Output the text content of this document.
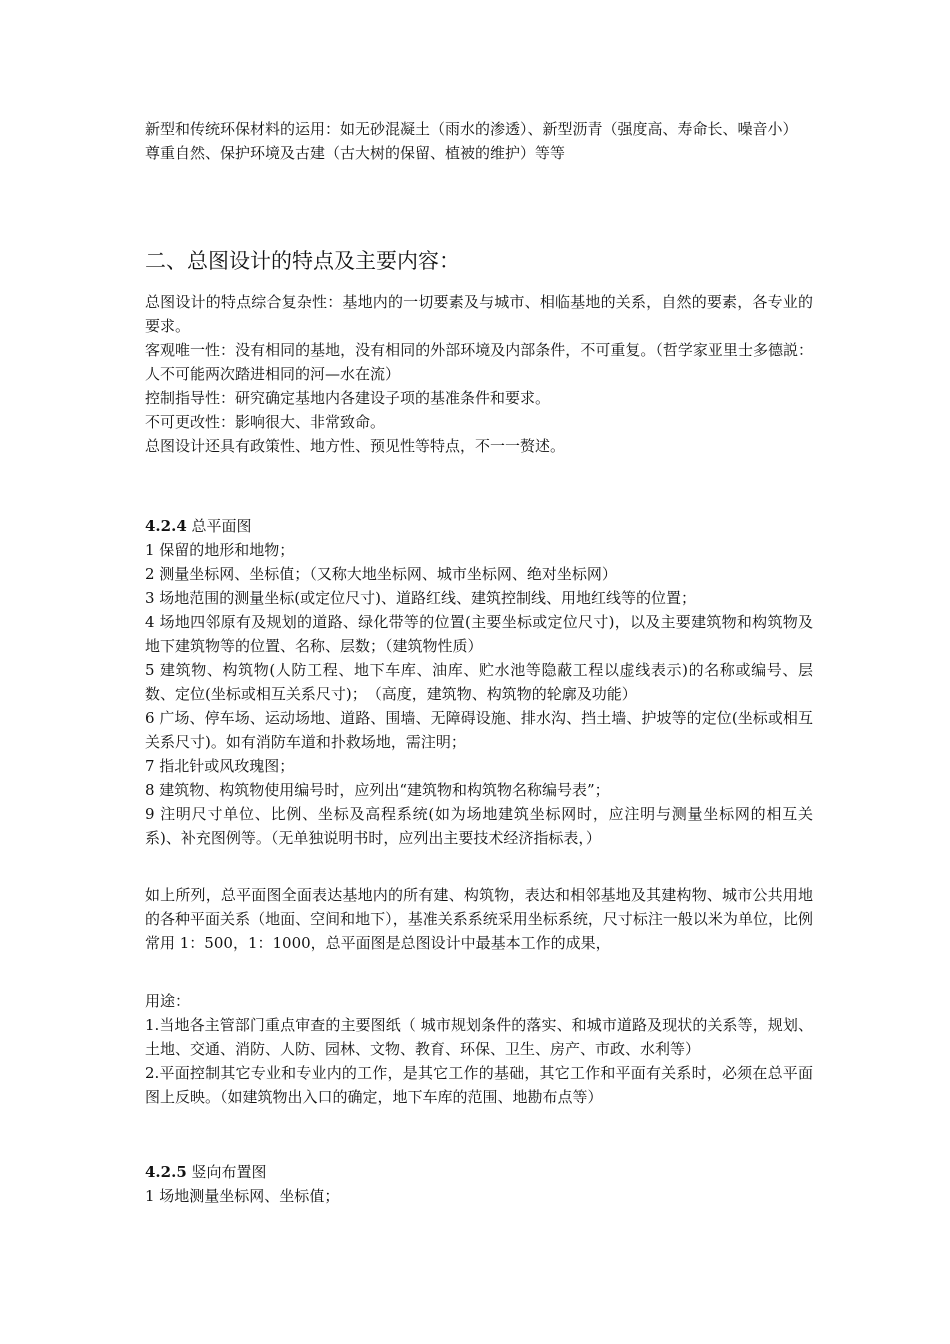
新型和传统环保材料的运用：如无砂混凝土（雨水的渗透）、新型沥青（强度高、寿命长、噪音小）

尊重自然、保护环境及古建（古大树的保留、植被的维护）等等

二、总图设计的特点及主要内容：

总图设计的特点综合复杂性：基地内的一切要素及与城市、相临基地的关系，自然的要素，各专业的要求。

客观唯一性：没有相同的基地，没有相同的外部环境及内部条件，不可重复。（哲学家亚里士多德説：人不可能两次踏进相同的河—水在流）

控制指导性：研究确定基地内各建设子项的基准条件和要求。

不可更改性：影响很大、非常致命。

总图设计还具有政策性、地方性、预见性等特点，不一一赘述。

4.2.4 总平面图

1 保留的地形和地物；

2 测量坐标网、坐标值；（又称大地坐标网、城市坐标网、绝对坐标网）

3 场地范围的测量坐标(或定位尺寸)、道路红线、建筑控制线、用地红线等的位置；

4 场地四邻原有及规划的道路、绿化带等的位置(主要坐标或定位尺寸)，以及主要建筑物和构筑物及地下建筑物等的位置、名称、层数；（建筑物性质）

5 建筑物、构筑物(人防工程、地下车库、油库、贮水池等隐蔽工程以虚线表示)的名称或编号、层数、定位(坐标或相互关系尺寸)；　（高度，建筑物、构筑物的轮廓及功能）

6 广场、停车场、运动场地、道路、围墙、无障碍设施、排水沟、挡土墙、护坡等的定位(坐标或相互关系尺寸)。如有消防车道和扑救场地，需注明；

7 指北针或风玫瑰图；

8 建筑物、构筑物使用编号时，应列出“建筑物和构筑物名称编号表”；

9 注明尺寸单位、比例、坐标及高程系统(如为场地建筑坐标网时，应注明与测量坐标网的相互关系)、补充图例等。（无单独说明书时，应列出主要技术经济指标表，）

如上所列，总平面图全面表达基地内的所有建、构筑物，表达和相邻基地及其建构物、城市公共用地的各种平面关系（地面、空间和地下），基准关系系统采用坐标系统，尺寸标注一般以米为单位，比例常用 1：500，1：1000，总平面图是总图设计中最基本工作的成果，

用途：

1.当地各主管部门重点审查的主要图纸（ 城市规划条件的落实、和城市道路及现状的关系等，规划、土地、交通、消防、人防、园林、文物、教育、环保、卫生、房产、市政、水利等）

2.平面控制其它专业和专业内的工作，是其它工作的基础，其它工作和平面有关系时，必须在总平面图上反映。（如建筑物出入口的确定，地下车库的范围、地勘布点等）

4.2.5 竖向布置图

1 场地测量坐标网、坐标值；
